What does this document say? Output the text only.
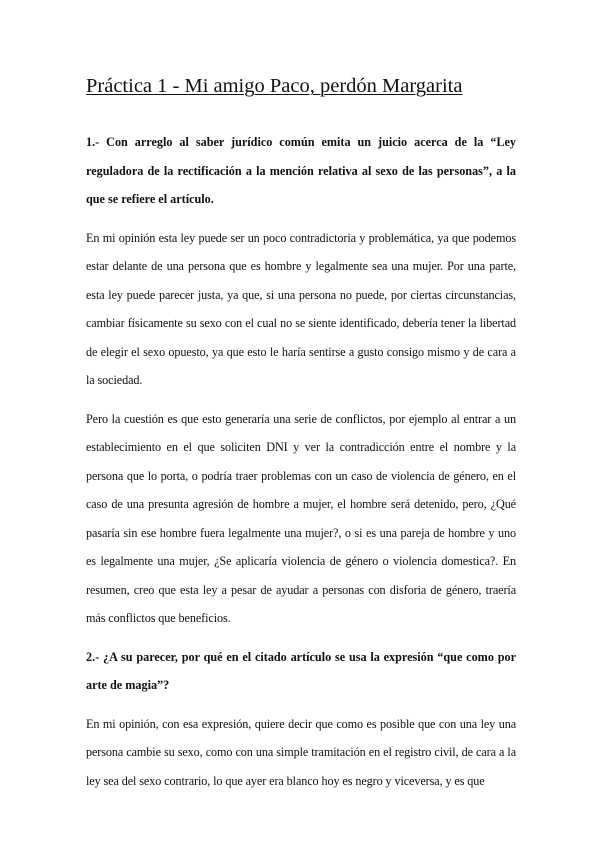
Práctica 1 - Mi amigo Paco, perdón Margarita

1.- Con arreglo al saber jurídico común emita un juicio acerca de la “Ley reguladora de la rectificación a la mención relativa al sexo de las personas”, a la que se refiere el artículo.

En mi opinión esta ley puede ser un poco contradictoria y problemática, ya que podemos estar delante de una persona que es hombre y legalmente sea una mujer. Por una parte, esta ley puede parecer justa, ya que, si una persona no puede, por ciertas circunstancias, cambiar físicamente su sexo con el cual no se siente identificado, debería tener la libertad de elegir el sexo opuesto, ya que esto le haría sentirse a gusto consigo mismo y de cara a la sociedad.

Pero la cuestión es que esto generaría una serie de conflictos, por ejemplo al entrar a un establecimiento en el que soliciten DNI y ver la contradicción entre el nombre y la persona que lo porta, o podría traer problemas con un caso de violencia de género, en el caso de una presunta agresión de hombre a mujer, el hombre será detenido, pero, ¿Qué pasaría sin ese hombre fuera legalmente una mujer?, o si es una pareja de hombre y uno es legalmente una mujer, ¿Se aplicaría violencia de género o violencia domestica?. En resumen, creo que esta ley a pesar de ayudar a personas con disforia de género, traería más conflictos que beneficios.

2.- ¿A su parecer, por qué en el citado artículo se usa la expresión “que como por arte de magia”?

En mi opinión, con esa expresión, quiere decir que como es posible que con una ley una persona cambie su sexo, como con una simple tramitación en el registro civil, de cara a la ley sea del sexo contrario, lo que ayer era blanco hoy es negro y viceversa, y es que
